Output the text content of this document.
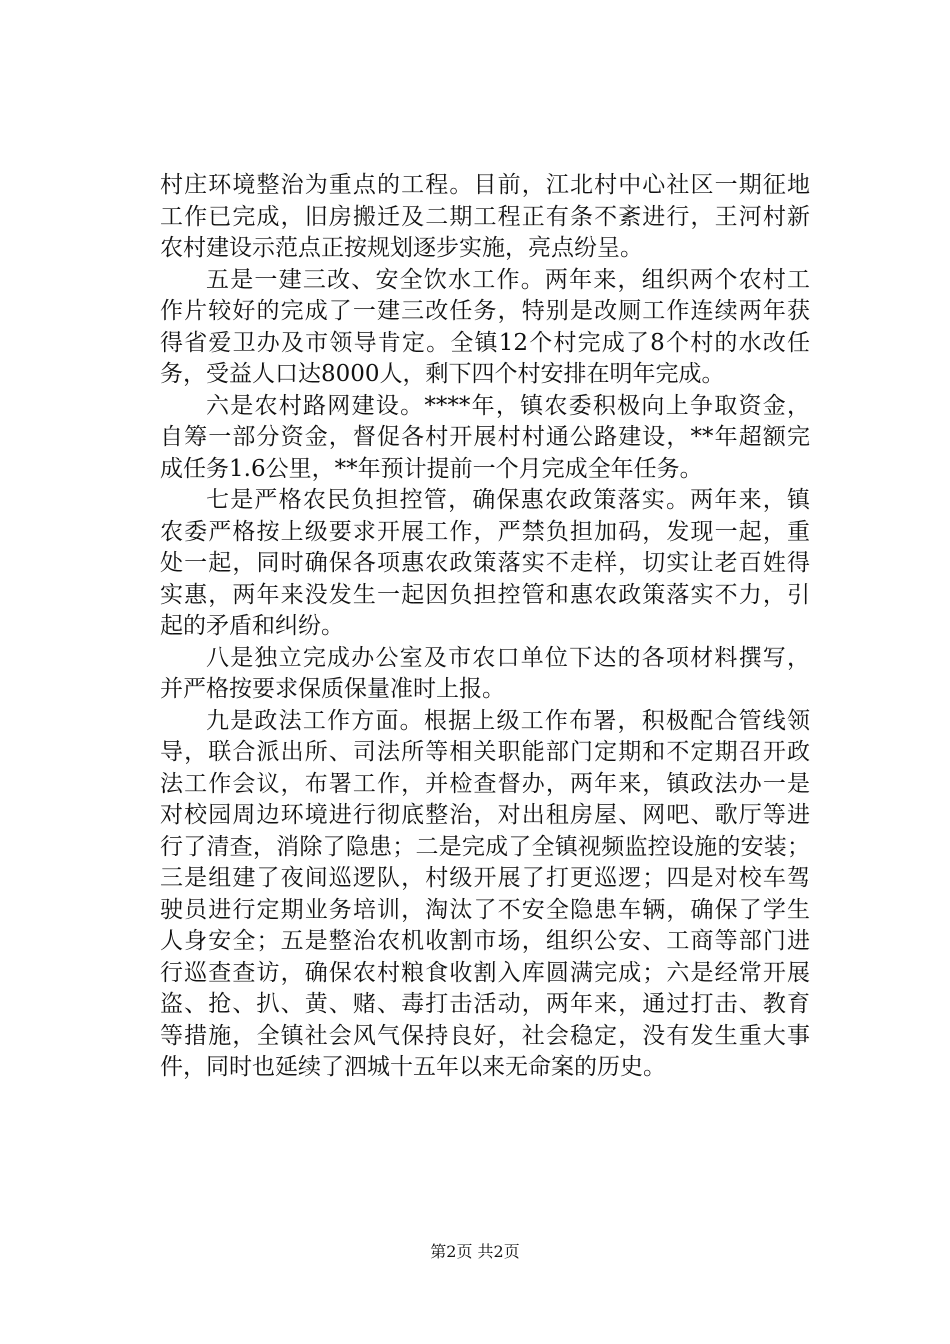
村庄环境整治为重点的工程。目前，江北村中心社区一期征地
工作已完成，旧房搬迁及二期工程正有条不紊进行，王河村新
农村建设示范点正按规划逐步实施，亮点纷呈。
五是一建三改、安全饮水工作。两年来，组织两个农村工
作片较好的完成了一建三改任务，特别是改厕工作连续两年获
得省爱卫办及市领导肯定。全镇12个村完成了8个村的水改任
务，受益人口达8000人，剩下四个村安排在明年完成。
六是农村路网建设。****年，镇农委积极向上争取资金，
自筹一部分资金，督促各村开展村村通公路建设，**年超额完
成任务1.6公里，**年预计提前一个月完成全年任务。
七是严格农民负担控管，确保惠农政策落实。两年来，镇
农委严格按上级要求开展工作，严禁负担加码，发现一起，重
处一起，同时确保各项惠农政策落实不走样，切实让老百姓得
实惠，两年来没发生一起因负担控管和惠农政策落实不力，引
起的矛盾和纠纷。
八是独立完成办公室及市农口单位下达的各项材料撰写，
并严格按要求保质保量准时上报。
九是政法工作方面。根据上级工作布署，积极配合管线领
导，联合派出所、司法所等相关职能部门定期和不定期召开政
法工作会议，布署工作，并检查督办，两年来，镇政法办一是
对校园周边环境进行彻底整治，对出租房屋、网吧、歌厅等进
行了清查，消除了隐患；二是完成了全镇视频监控设施的安装；
三是组建了夜间巡逻队，村级开展了打更巡逻；四是对校车驾
驶员进行定期业务培训，淘汰了不安全隐患车辆，确保了学生
人身安全；五是整治农机收割市场，组织公安、工商等部门进
行巡查查访，确保农村粮食收割入库圆满完成；六是经常开展
盗、抢、扒、黄、赌、毒打击活动，两年来，通过打击、教育
等措施，全镇社会风气保持良好，社会稳定，没有发生重大事
件，同时也延续了泗城十五年以来无命案的历史。
第2页 共2页
